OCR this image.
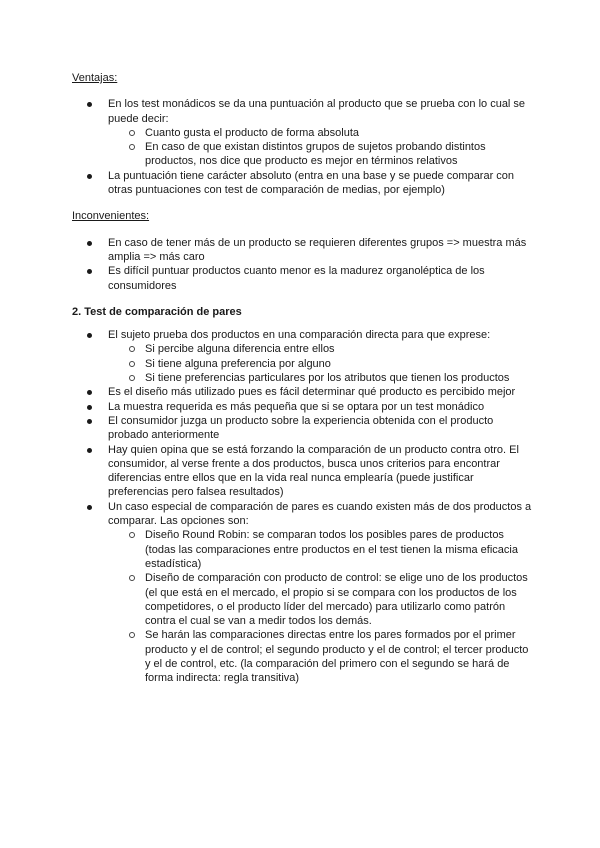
Ventajas:

En los test monádicos se da una puntuación al producto que se prueba con lo cual se puede decir:
Cuanto gusta el producto de forma absoluta
En caso de que existan distintos grupos de sujetos probando distintos productos, nos dice que producto es mejor en términos relativos
La puntuación tiene carácter absoluto (entra en una base y se puede comparar con otras puntuaciones con test de comparación de medias, por ejemplo)

Inconvenientes:

En caso de tener más de un producto se requieren diferentes grupos => muestra más amplia => más caro
Es difícil puntuar productos cuanto menor es la madurez organoléptica de los consumidores

2. Test de comparación de pares

El sujeto prueba dos productos en una comparación directa para que exprese:
Si percibe alguna diferencia entre ellos
Si tiene alguna preferencia por alguno
Si tiene preferencias particulares por los atributos que tienen los productos
Es el diseño más utilizado pues es fácil determinar qué producto es percibido mejor
La muestra requerida es más pequeña que si se optara por un test monádico
El consumidor juzga un producto sobre la experiencia obtenida con el producto probado anteriormente
Hay quien opina que se está forzando la comparación de un producto contra otro. El consumidor, al verse frente a dos productos, busca unos criterios para encontrar diferencias entre ellos que en la vida real nunca emplearía (puede justificar preferencias pero falsea resultados)
Un caso especial de comparación de pares es cuando existen más de dos productos a comparar. Las opciones son:
Diseño Round Robin: se comparan todos los posibles pares de productos (todas las comparaciones entre productos en el test tienen la misma eficacia estadística)
Diseño de comparación con producto de control: se elige uno de los productos (el que está en el mercado, el propio si se compara con los productos de los competidores, o el producto líder del mercado) para utilizarlo como patrón contra el cual se van a medir todos los demás.
Se harán las comparaciones directas entre los pares formados por el primer producto y el de control; el segundo producto y el de control; el tercer producto y el de control, etc. (la comparación del primero con el segundo se hará de forma indirecta: regla transitiva)
